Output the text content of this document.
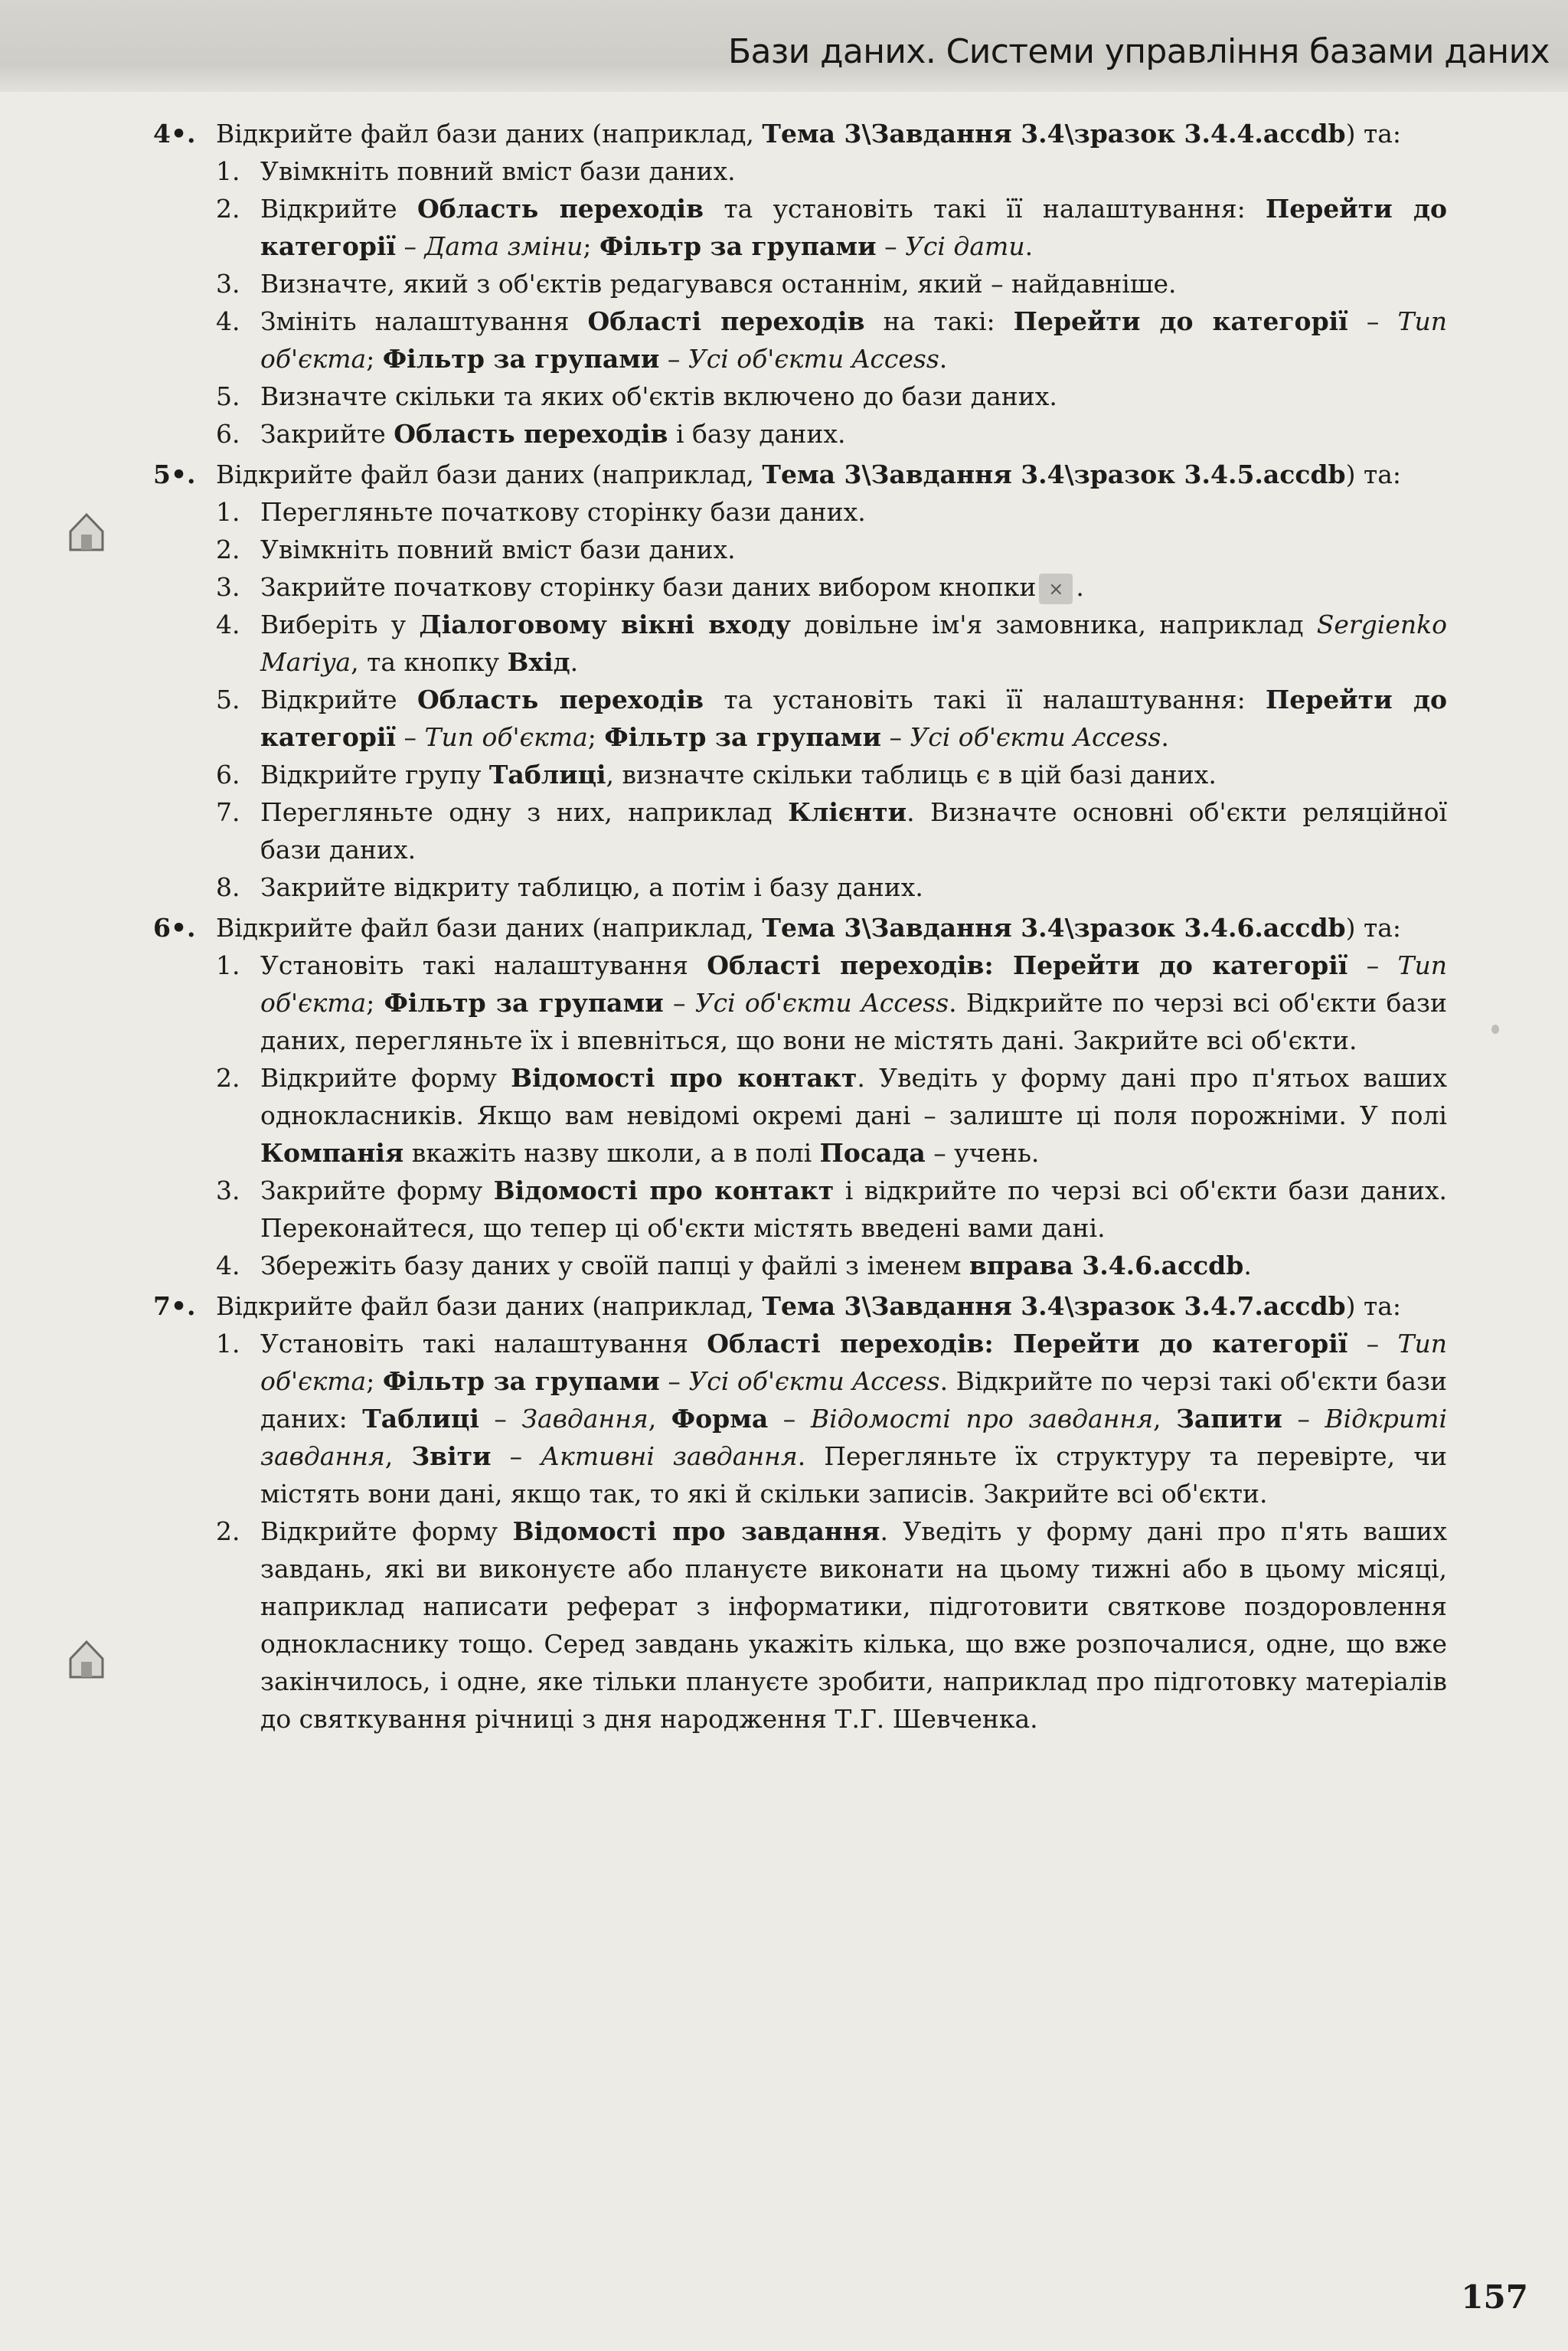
Бази даних. Системи управління базами даних
4•. Відкрийте файл бази даних (наприклад, Тема 3\Завдання 3.4\зразок 3.4.4.accdb) та:
1. Увімкніть повний вміст бази даних.
2. Відкрийте Область переходів та установіть такі її налаштування: Перейти до категорії – Дата зміни; Фільтр за групами – Усі дати.
3. Визначте, який з об'єктів редагувався останнім, який – найдавніше.
4. Змініть налаштування Області переходів на такі: Перейти до категорії – Тип об'єкта; Фільтр за групами – Усі об'єкти Access.
5. Визначте скільки та яких об'єктів включено до бази даних.
6. Закрийте Область переходів і базу даних.
5•. Відкрийте файл бази даних (наприклад, Тема 3\Завдання 3.4\зразок 3.4.5.accdb) та:
1. Перегляньте початкову сторінку бази даних.
2. Увімкніть повний вміст бази даних.
3. Закрийте початкову сторінку бази даних вибором кнопки × .
4. Виберіть у Діалоговому вікні входу довільне ім'я замовника, наприклад Sergienko Mariya, та кнопку Вхід.
5. Відкрийте Область переходів та установіть такі її налаштування: Перейти до категорії – Тип об'єкта; Фільтр за групами – Усі об'єкти Access.
6. Відкрийте групу Таблиці, визначте скільки таблиць є в цій базі даних.
7. Перегляньте одну з них, наприклад Клієнти. Визначте основні об'єкти реляційної бази даних.
8. Закрийте відкриту таблицю, а потім і базу даних.
6•. Відкрийте файл бази даних (наприклад, Тема 3\Завдання 3.4\зразок 3.4.6.accdb) та:
1. Установіть такі налаштування Області переходів: Перейти до категорії – Тип об'єкта; Фільтр за групами – Усі об'єкти Access. Відкрийте по черзі всі об'єкти бази даних, перегляньте їх і впевніться, що вони не містять дані. Закрийте всі об'єкти.
2. Відкрийте форму Відомості про контакт. Уведіть у форму дані про п'ятьох ваших однокласників. Якщо вам невідомі окремі дані – залиште ці поля порожніми. У полі Компанія вкажіть назву школи, а в полі Посада – учень.
3. Закрийте форму Відомості про контакт і відкрийте по черзі всі об'єкти бази даних. Переконайтеся, що тепер ці об'єкти містять введені вами дані.
4. Збережіть базу даних у своїй папці у файлі з іменем вправа 3.4.6.accdb.
7•. Відкрийте файл бази даних (наприклад, Тема 3\Завдання 3.4\зразок 3.4.7.accdb) та:
1. Установіть такі налаштування Області переходів: Перейти до категорії – Тип об'єкта; Фільтр за групами – Усі об'єкти Access. Відкрийте по черзі такі об'єкти бази даних: Таблиці – Завдання, Форма – Відомості про завдання, Запити – Відкриті завдання, Звіти – Активні завдання. Перегляньте їх структуру та перевірте, чи містять вони дані, якщо так, то які й скільки записів. Закрийте всі об'єкти.
2. Відкрийте форму Відомості про завдання. Уведіть у форму дані про п'ять ваших завдань, які ви виконуєте або плануєте виконати на цьому тижні або в цьому місяці, наприклад написати реферат з інформатики, підготовити святкове поздоровлення однокласнику тощо. Серед завдань укажіть кілька, що вже розпочалися, одне, що вже закінчилось, і одне, яке тільки плануєте зробити, наприклад про підготовку матеріалів до святкування річниці з дня народження Т.Г. Шевченка.
157
